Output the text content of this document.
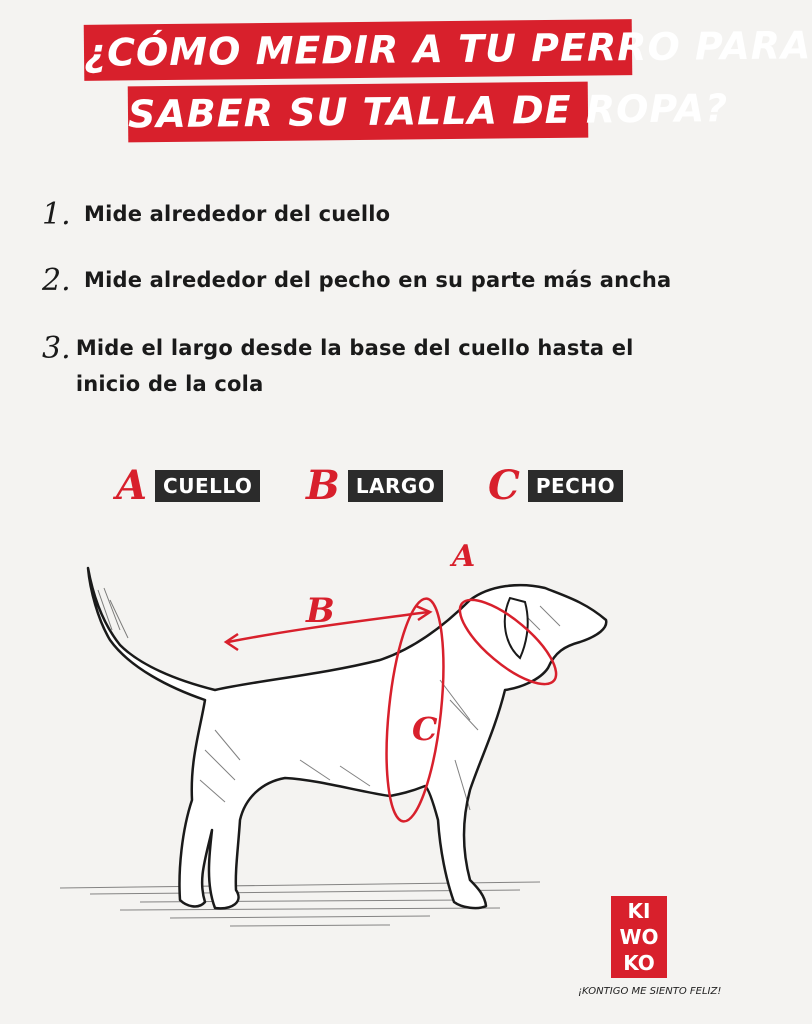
¿CÓMO MEDIR A TU PERRO PARA
SABER SU TALLA DE ROPA?
1. Mide alrededor del cuello
2. Mide alrededor del pecho en su parte más ancha
3. Mide el largo desde la base del cuello hasta el inicio de la cola
A CUELLO B LARGO C PECHO
B
A
C
KI
WO
KO
¡KONTIGO ME SIENTO FELIZ!
